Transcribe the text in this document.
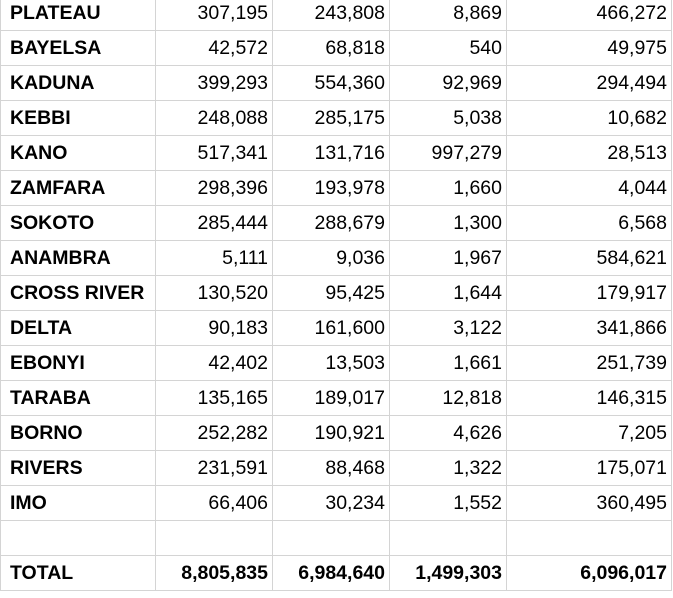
PLATEAU	307,195	243,808	8,869	466,272
BAYELSA	42,572	68,818	540	49,975
KADUNA	399,293	554,360	92,969	294,494
KEBBI	248,088	285,175	5,038	10,682
KANO	517,341	131,716	997,279	28,513
ZAMFARA	298,396	193,978	1,660	4,044
SOKOTO	285,444	288,679	1,300	6,568
ANAMBRA	5,111	9,036	1,967	584,621
CROSS RIVER	130,520	95,425	1,644	179,917
DELTA	90,183	161,600	3,122	341,866
EBONYI	42,402	13,503	1,661	251,739
TARABA	135,165	189,017	12,818	146,315
BORNO	252,282	190,921	4,626	7,205
RIVERS	231,591	88,468	1,322	175,071
IMO	66,406	30,234	1,552	360,495

TOTAL	8,805,835	6,984,640	1,499,303	6,096,017
